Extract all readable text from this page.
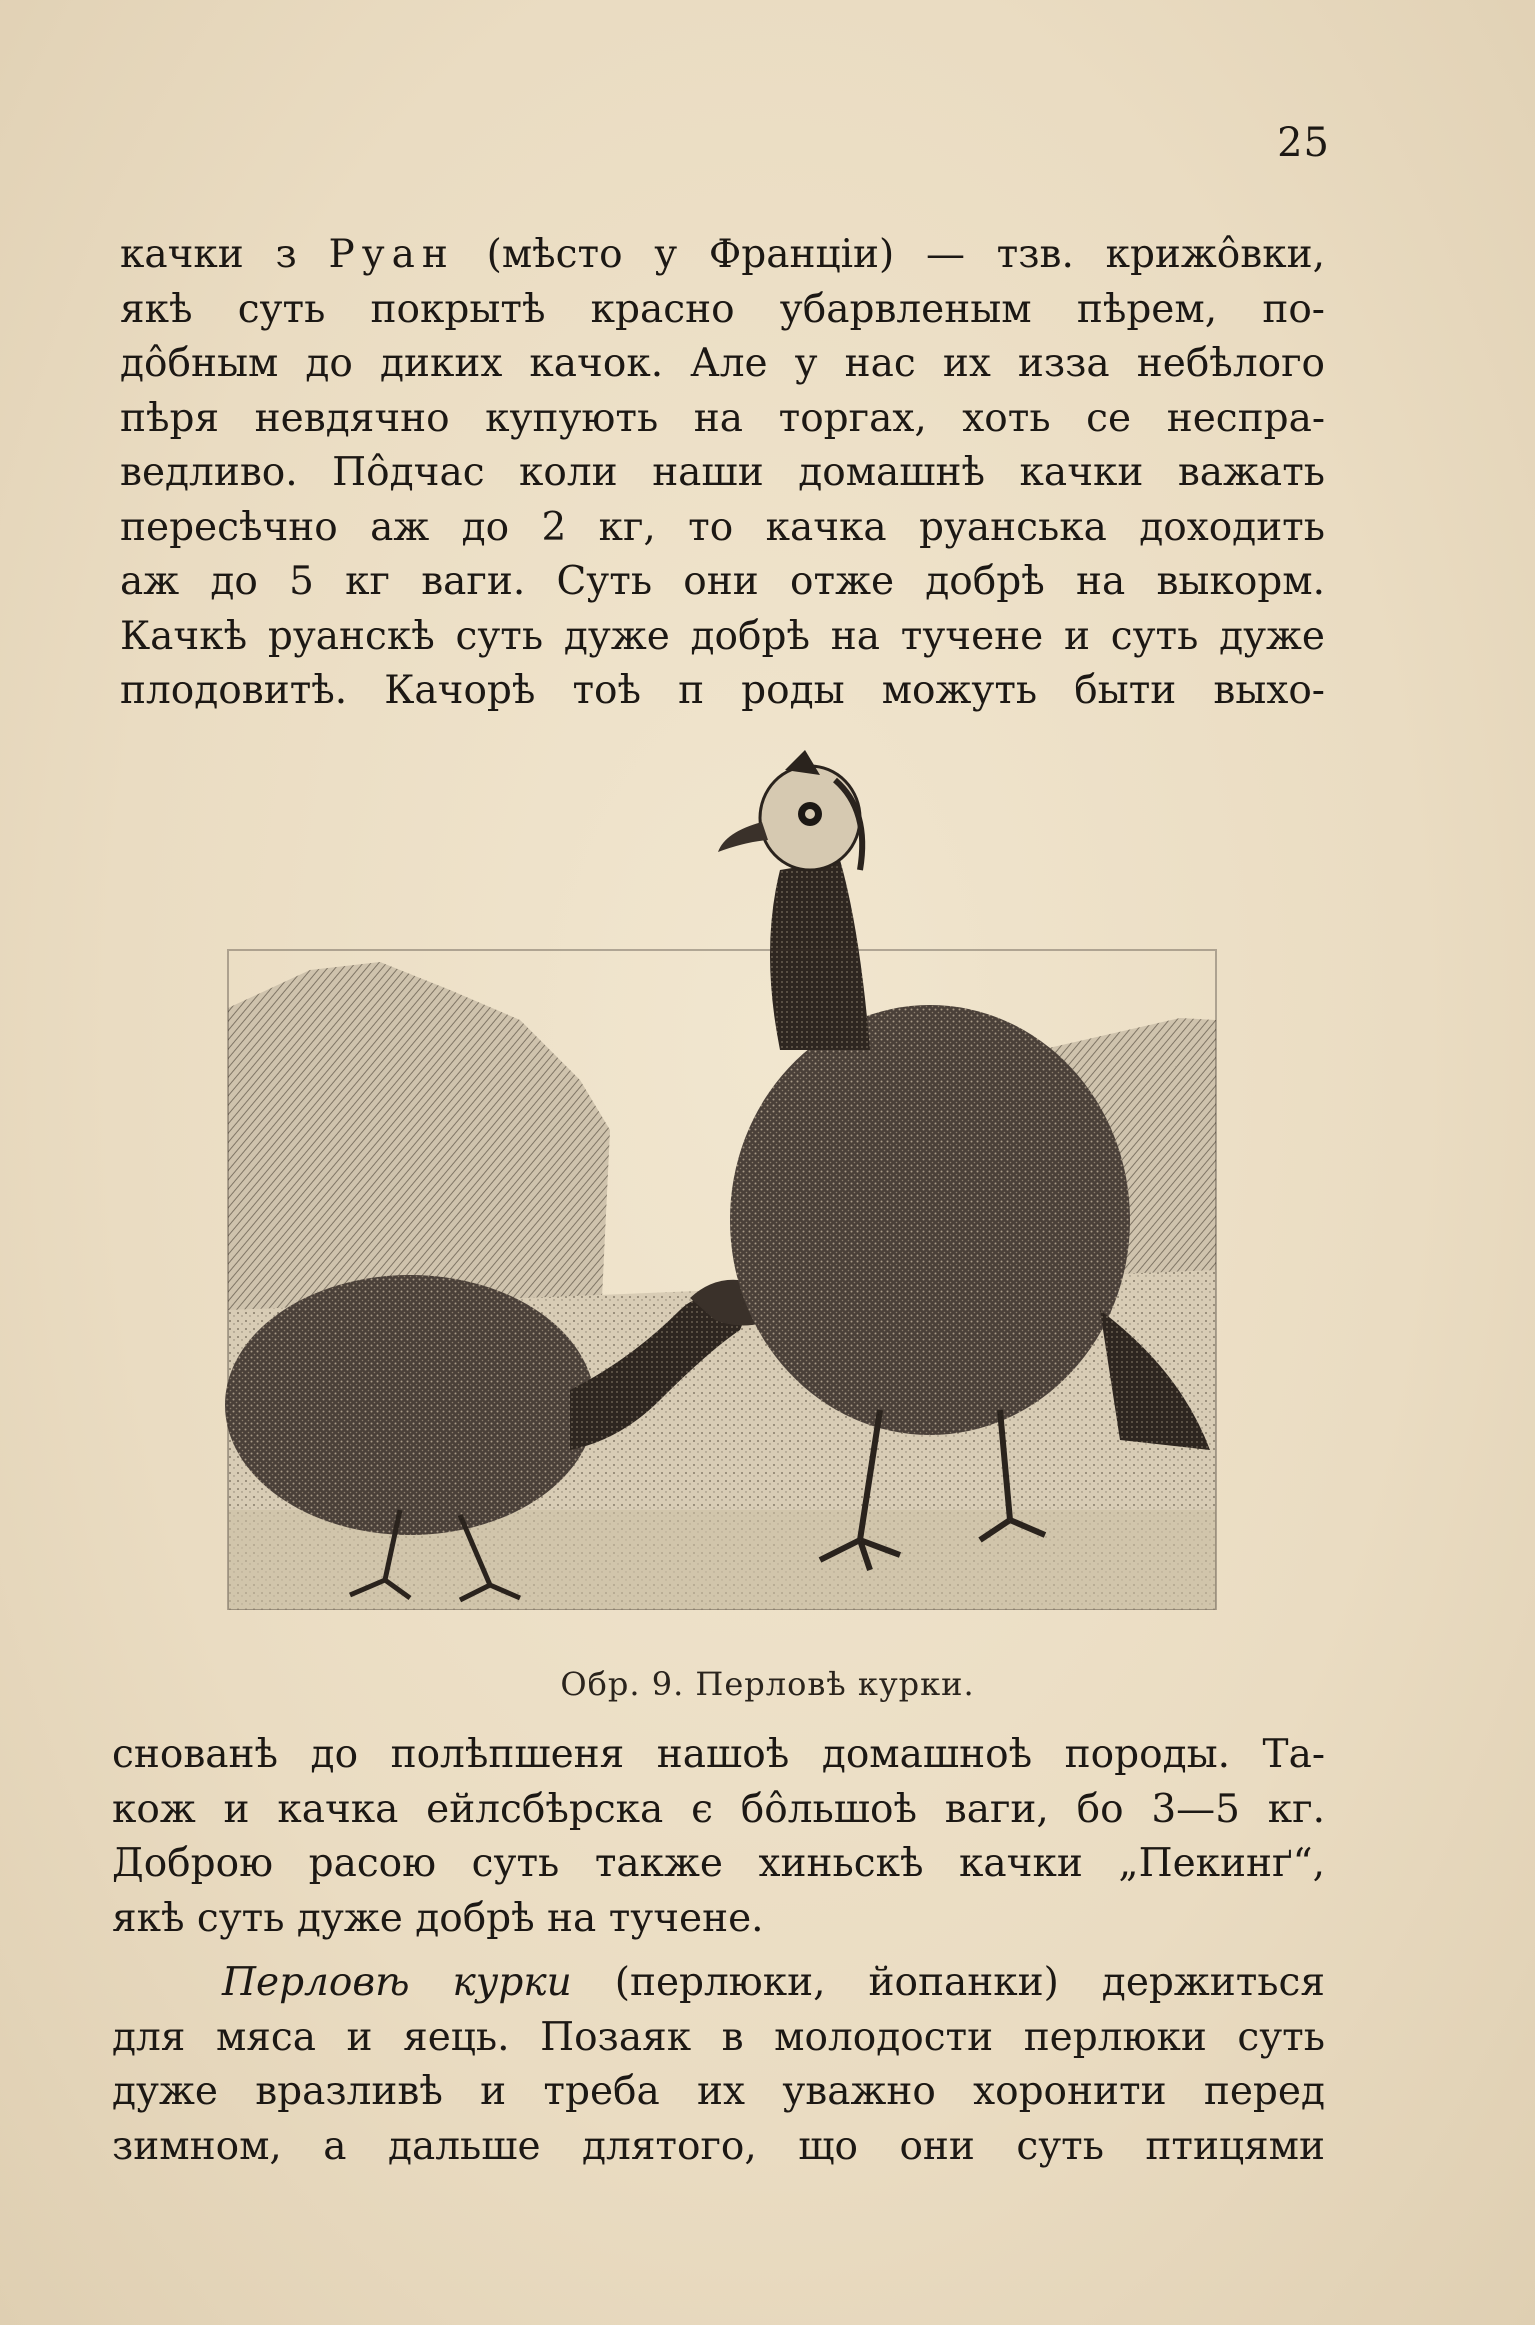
25
качки з Руан (мѣсто у Франціи) — тзв. крижо̂вки,
якѣ суть покрытѣ красно убарвленым пѣрем, по-
до̂бным до диких качок. Але у нас их изза небѣлого
пѣря невдячно купують на торгах, хоть се неспра-
ведливо. По̂дчас коли наши домашнѣ качки важать
пересѣчно аж до 2 кг, то качка руанська доходить
аж до 5 кг ваги. Суть они отже добрѣ на выкорм.
Качкѣ руанскѣ суть дуже добрѣ на тучене и суть дуже
плодовитѣ. Качорѣ тоѣ п роды можуть быти выхо-
Обр. 9. Перловѣ курки.
снованѣ до полѣпшеня нашоѣ домашноѣ породы. Та-
кож и качка ейлсбѣрска є бо̂льшоѣ ваги, бо 3—5 кг.
Доброю расою суть также хиньскѣ качки „Пекинґ“,
якѣ суть дуже добрѣ на тучене.
Перловѣ курки (перлюки, йопанки) держиться
для мяса и яець. Позаяк в молодости перлюки суть
дуже вразливѣ и треба их уважно хоронити перед
зимном, а дальше длятого, що они суть птицями
